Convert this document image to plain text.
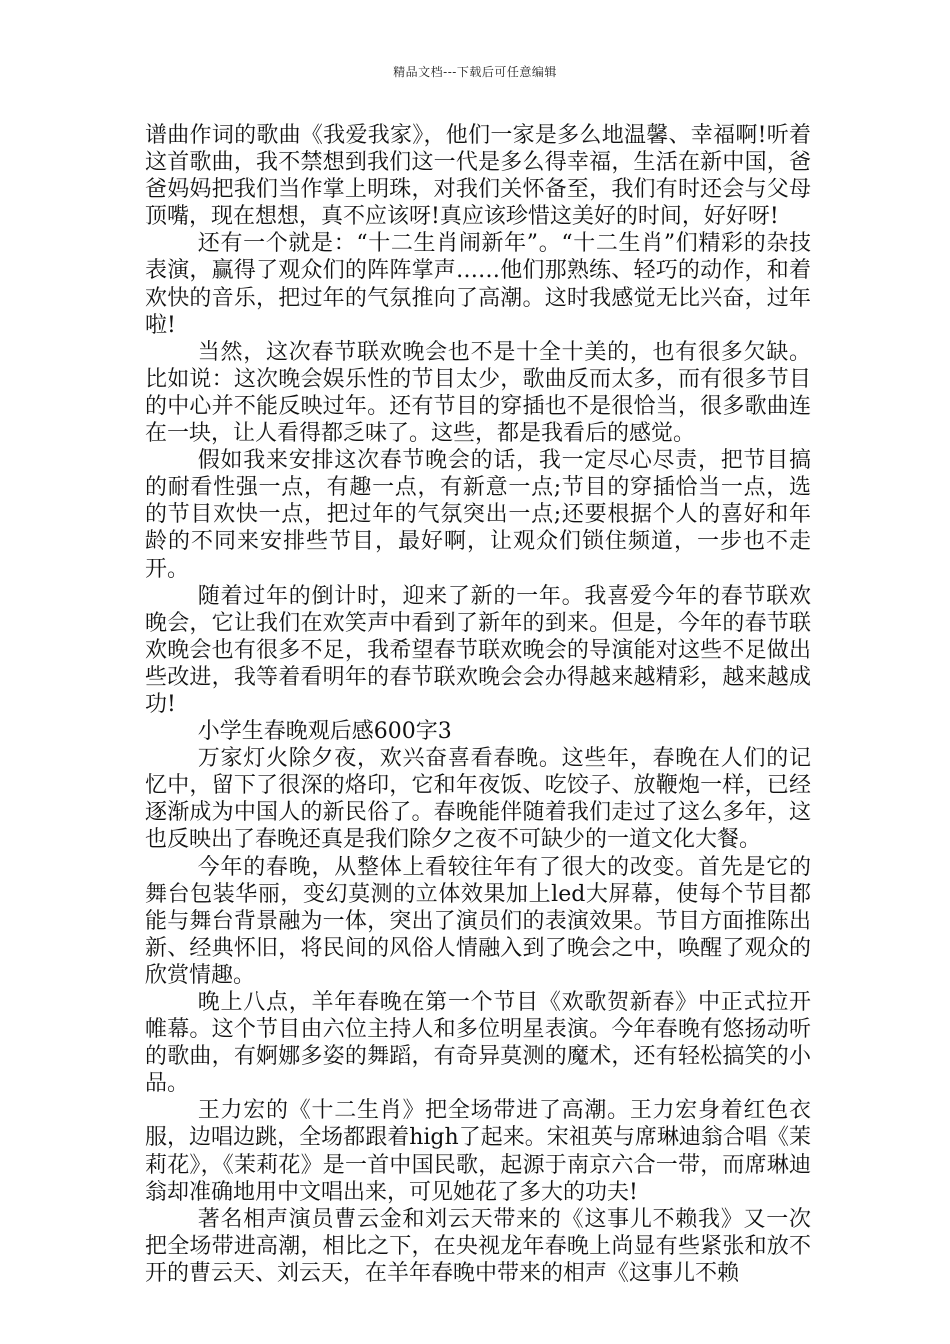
精品文档---下载后可任意编辑

谱曲作词的歌曲《我爱我家》，他们一家是多么地温馨、幸福啊!听着这首歌曲，我不禁想到我们这一代是多么得幸福，生活在新中国，爸爸妈妈把我们当作掌上明珠，对我们关怀备至，我们有时还会与父母顶嘴，现在想想，真不应该呀!真应该珍惜这美好的时间，好好呀!

还有一个就是：“十二生肖闹新年”。“十二生肖”们精彩的杂技表演，赢得了观众们的阵阵掌声……他们那熟练、轻巧的动作，和着欢快的音乐，把过年的气氛推向了高潮。这时我感觉无比兴奋，过年啦!

当然，这次春节联欢晚会也不是十全十美的，也有很多欠缺。比如说：这次晚会娱乐性的节目太少，歌曲反而太多，而有很多节目的中心并不能反映过年。还有节目的穿插也不是很恰当，很多歌曲连在一块，让人看得都乏味了。这些，都是我看后的感觉。

假如我来安排这次春节晚会的话，我一定尽心尽责，把节目搞的耐看性强一点，有趣一点，有新意一点;节目的穿插恰当一点，选的节目欢快一点，把过年的气氛突出一点;还要根据个人的喜好和年龄的不同来安排些节目，最好啊，让观众们锁住频道，一步也不走开。

随着过年的倒计时，迎来了新的一年。我喜爱今年的春节联欢晚会，它让我们在欢笑声中看到了新年的到来。但是，今年的春节联欢晚会也有很多不足，我希望春节联欢晚会的导演能对这些不足做出些改进，我等着看明年的春节联欢晚会会办得越来越精彩，越来越成功!

小学生春晚观后感600字3

万家灯火除夕夜，欢兴奋喜看春晚。这些年，春晚在人们的记忆中，留下了很深的烙印，它和年夜饭、吃饺子、放鞭炮一样，已经逐渐成为中国人的新民俗了。春晚能伴随着我们走过了这么多年，这也反映出了春晚还真是我们除夕之夜不可缺少的一道文化大餐。

今年的春晚，从整体上看较往年有了很大的改变。首先是它的舞台包装华丽，变幻莫测的立体效果加上led大屏幕，使每个节目都能与舞台背景融为一体，突出了演员们的表演效果。节目方面推陈出新、经典怀旧，将民间的风俗人情融入到了晚会之中，唤醒了观众的欣赏情趣。

晚上八点，羊年春晚在第一个节目《欢歌贺新春》中正式拉开帷幕。这个节目由六位主持人和多位明星表演。今年春晚有悠扬动听的歌曲，有婀娜多姿的舞蹈，有奇异莫测的魔术，还有轻松搞笑的小品。

王力宏的《十二生肖》把全场带进了高潮。王力宏身着红色衣服，边唱边跳，全场都跟着high了起来。宋祖英与席琳迪翁合唱《茉莉花》，《茉莉花》是一首中国民歌，起源于南京六合一带，而席琳迪翁却准确地用中文唱出来，可见她花了多大的功夫!

著名相声演员曹云金和刘云天带来的《这事儿不赖我》又一次把全场带进高潮，相比之下，在央视龙年春晚上尚显有些紧张和放不开的曹云天、刘云天，在羊年春晚中带来的相声《这事儿不赖
